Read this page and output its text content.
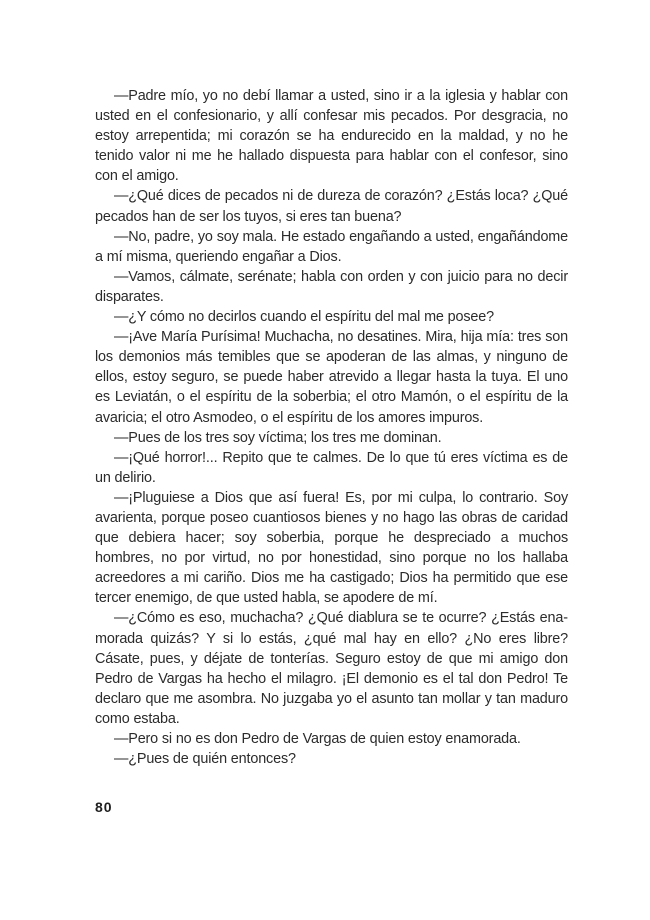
—Padre mío, yo no debí llamar a usted, sino ir a la iglesia y hablar con usted en el confesionario, y allí confesar mis pecados. Por desgracia, no estoy arrepentida; mi corazón se ha endurecido en la maldad, y no he tenido valor ni me he hallado dispuesta para hablar con el confesor, sino con el amigo.

—¿Qué dices de pecados ni de dureza de corazón? ¿Estás loca? ¿Qué pecados han de ser los tuyos, si eres tan buena?

—No, padre, yo soy mala. He estado engañando a usted, engañándome a mí misma, queriendo engañar a Dios.

—Vamos, cálmate, serénate; habla con orden y con juicio para no decir disparates.

—¿Y cómo no decirlos cuando el espíritu del mal me posee?

—¡Ave María Purísima! Muchacha, no desatines. Mira, hija mía: tres son los demonios más temibles que se apoderan de las almas, y ninguno de ellos, estoy seguro, se puede haber atrevido a llegar hasta la tuya. El uno es Leviatán, o el espíritu de la soberbia; el otro Mamón, o el espíritu de la avaricia; el otro Asmodeo, o el espíritu de los amores impuros.

—Pues de los tres soy víctima; los tres me dominan.

—¡Qué horror!... Repito que te calmes. De lo que tú eres víctima es de un delirio.

—¡Pluguiese a Dios que así fuera! Es, por mi culpa, lo contrario. Soy avarienta, porque poseo cuantiosos bienes y no hago las obras de caridad que debiera hacer; soy soberbia, porque he despreciado a muchos hombres, no por virtud, no por honestidad, sino porque no los hallaba acreedores a mi cariño. Dios me ha castigado; Dios ha permitido que ese tercer enemigo, de que usted habla, se apodere de mí.

—¿Cómo es eso, muchacha? ¿Qué diablura se te ocurre? ¿Estás enamorada quizás? Y si lo estás, ¿qué mal hay en ello? ¿No eres libre? Cásate, pues, y déjate de tonterías. Seguro estoy de que mi amigo don Pedro de Vargas ha hecho el milagro. ¡El demonio es el tal don Pedro! Te declaro que me asombra. No juzgaba yo el asunto tan mollar y tan maduro como estaba.

—Pero si no es don Pedro de Vargas de quien estoy enamorada.

—¿Pues de quién entonces?

80
